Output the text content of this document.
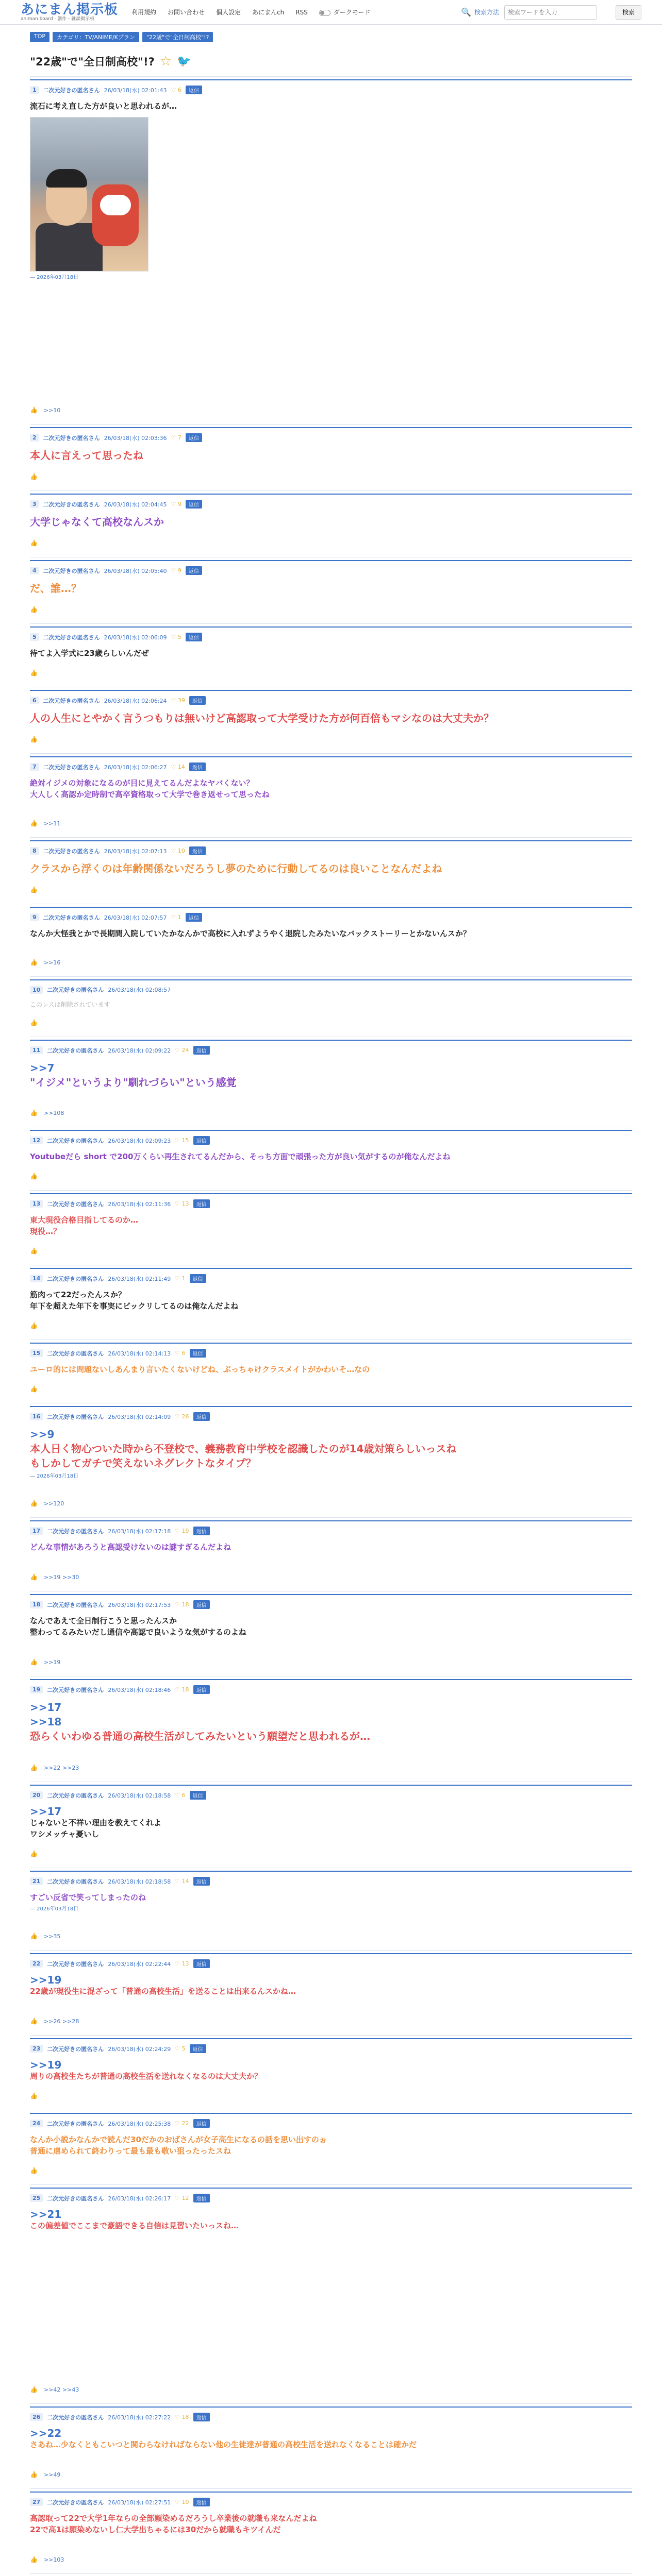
あにまん掲示板
animan board · 創作・雑談掲示板
利用規約 お問い合わせ 個人設定 あにまんch RSS	ダークモード	🔍 検索方法
検索ワードを入力	検索
TOP	カテゴリ：TV/ANIME/Kプラン	"22歳"で"全日制高校"!?
"22歳"で"全日制高校"!? ☆ 🐦
1	二次元好きの匿名さん 26/03/18(水) 02:01:43 ♡ 6	返信
流石に考え直した方が良いと思われるが…
— 2026年03月18日
👍 >>10
2	二次元好きの匿名さん 26/03/18(水) 02:03:36 ♡ 7	返信
本人に言えって思ったね
👍
3	二次元好きの匿名さん 26/03/18(水) 02:04:45 ♡ 9	返信
大学じゃなくて高校なんスか
👍
4	二次元好きの匿名さん 26/03/18(水) 02:05:40 ♡ 9	返信
だ、誰…？
👍
5	二次元好きの匿名さん 26/03/18(水) 02:06:09 ♡ 5	返信
待てよ入学式に23歳らしいんだぜ
👍
6	二次元好きの匿名さん 26/03/18(水) 02:06:24 ♡ 39	返信
人の人生にとやかく言うつもりは無いけど高認取って大学受けた方が何百倍もマシなのは大丈夫か？
👍
7	二次元好きの匿名さん 26/03/18(水) 02:06:27 ♡ 14	返信
絶対イジメの対象になるのが目に見えてるんだよなヤバくない？
大人しく高認か定時制で高卒資格取って大学で巻き返せって思ったね
👍 >>11
8	二次元好きの匿名さん 26/03/18(水) 02:07:13 ♡ 10	返信
クラスから浮くのは年齢関係ないだろうし夢のために行動してるのは良いことなんだよね
👍
9	二次元好きの匿名さん 26/03/18(水) 02:07:57 ♡ 1	返信
なんか大怪我とかで長期間入院していたかなんかで高校に入れずようやく退院したみたいなバックストーリーとかないんスか？
👍 >>16
10	二次元好きの匿名さん 26/03/18(水) 02:08:57
このレスは削除されています
👍
11	二次元好きの匿名さん 26/03/18(水) 02:09:22 ♡ 24	返信
>>7
"イジメ"というより"馴れづらい"という感覚
👍 >>108
12	二次元好きの匿名さん 26/03/18(水) 02:09:23 ♡ 15	返信
Youtubeだら short で200万くらい再生されてるんだから、そっち方面で頑張った方が良い気がするのが俺なんだよね
👍
13	二次元好きの匿名さん 26/03/18(水) 02:11:36 ♡ 13	返信
東大現役合格目指してるのか…
現役…？
👍
14	二次元好きの匿名さん 26/03/18(水) 02:11:49 ♡ 1	返信
筋肉って22だったんスか？
年下を超えた年下を事実にビックリしてるのは俺なんだよね
👍
15	二次元好きの匿名さん 26/03/18(水) 02:14:13 ♡ 6	返信
ユーロ的には問題ないしあんまり言いたくないけどね、ぶっちゃけクラスメイトがかわいそ…なの
👍
16	二次元好きの匿名さん 26/03/18(水) 02:14:09 ♡ 26	返信
>>9
本人日く物心ついた時から不登校で、義務教育中学校を認識したのが14歳対策らしいっスね
もしかしてガチで笑えないネグレクトなタイプ？
— 2026年03月18日
👍 >>120
17	二次元好きの匿名さん 26/03/18(水) 02:17:18 ♡ 19	返信
どんな事情があろうと高認受けないのは謎すぎるんだよね
👍 >>19 >>30
18	二次元好きの匿名さん 26/03/18(水) 02:17:53 ♡ 18	返信
なんであえて全日制行こうと思ったんスか
整わってるみたいだし通信や高認で良いような気がするのよね
👍 >>19
19	二次元好きの匿名さん 26/03/18(水) 02:18:46 ♡ 18	返信
>>17
>>18
恐らくいわゆる普通の高校生活がしてみたいという願望だと思われるが…
👍 >>22 >>23
20	二次元好きの匿名さん 26/03/18(水) 02:18:58 ♡ 6	返信
>>17
じゃないと不祥い理由を教えてくれよ
ワシメッチャ憂いし
👍
21	二次元好きの匿名さん 26/03/18(水) 02:18:58 ♡ 14	返信
すごい反省で笑ってしまったのね
— 2026年03月18日
👍 >>35
22	二次元好きの匿名さん 26/03/18(水) 02:22:44 ♡ 13	返信
>>19
22歳が現役生に混ざって「普通の高校生活」を送ることは出来るんスかね…
👍 >>26 >>28
23	二次元好きの匿名さん 26/03/18(水) 02:24:29 ♡ 5	返信
>>19
周りの高校生たちが普通の高校生活を送れなくなるのは大丈夫か？
👍
24	二次元好きの匿名さん 26/03/18(水) 02:25:38 ♡ 22	返信
なんか小説かなんかで読んだ30だかのおばさんが女子高生になるの話を思い出すのぉ
普通に虐められて終わりって最も最も敬い狙ったったスね
👍
25	二次元好きの匿名さん 26/03/18(水) 02:26:17 ♡ 12	返信
>>21
この偏差値でここまで豪語できる自信は見習いたいっスね…
👍 >>42 >>43
26	二次元好きの匿名さん 26/03/18(水) 02:27:22 ♡ 18	返信
>>22
さあね…少なくともこいつと関わらなければならない他の生徒達が普通の高校生活を送れなくなることは確かだ
👍 >>49
27	二次元好きの匿名さん 26/03/18(水) 02:27:51 ♡ 10	返信
高認取って22で大学1年ならの全部願染めるだろうし卒業後の就職も来なんだよね
22で高1は願染めないし仁大学出ちゃるには30だから就職もキツイんだ
👍 >>103
